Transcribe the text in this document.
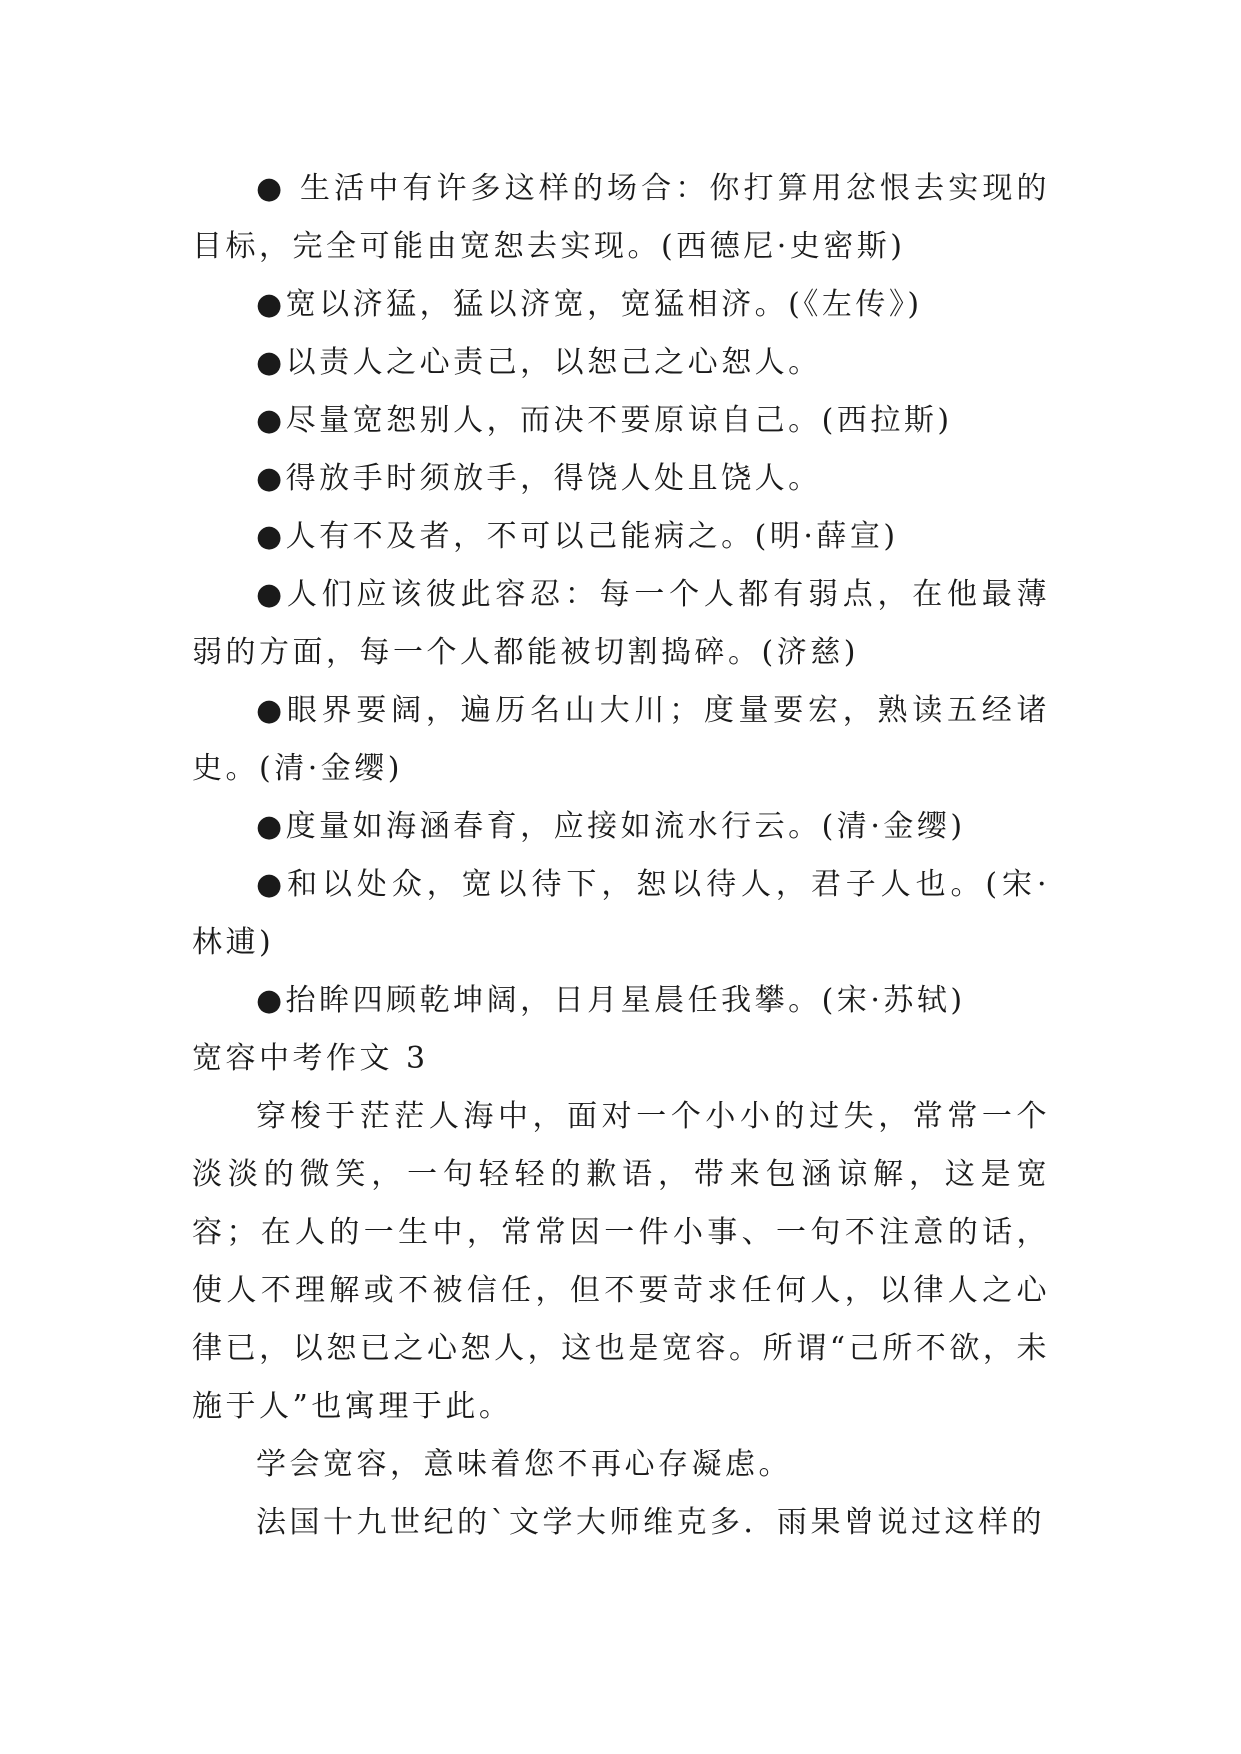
● 生活中有许多这样的场合：你打算用忿恨去实现的目标，完全可能由宽恕去实现。(西德尼·史密斯)

●宽以济猛，猛以济宽，宽猛相济。(《左传》)

●以责人之心责己，以恕己之心恕人。

●尽量宽恕别人，而决不要原谅自己。(西拉斯)

●得放手时须放手，得饶人处且饶人。

●人有不及者，不可以己能病之。(明·薛宣)

●人们应该彼此容忍：每一个人都有弱点，在他最薄弱的方面，每一个人都能被切割捣碎。(济慈)

●眼界要阔，遍历名山大川；度量要宏，熟读五经诸史。(清·金缨)

●度量如海涵春育，应接如流水行云。(清·金缨)

●和以处众，宽以待下，恕以待人，君子人也。(宋·林逋)

●抬眸四顾乾坤阔，日月星晨任我攀。(宋·苏轼)

宽容中考作文 3

穿梭于茫茫人海中，面对一个小小的过失，常常一个淡淡的微笑，一句轻轻的歉语，带来包涵谅解，这是宽容；在人的一生中，常常因一件小事、一句不注意的话，使人不理解或不被信任，但不要苛求任何人，以律人之心律已，以恕已之心恕人，这也是宽容。所谓“己所不欲，未施于人”也寓理于此。

学会宽容，意味着您不再心存凝虑。

法国十九世纪的`文学大师维克多．雨果曾说过这样的
